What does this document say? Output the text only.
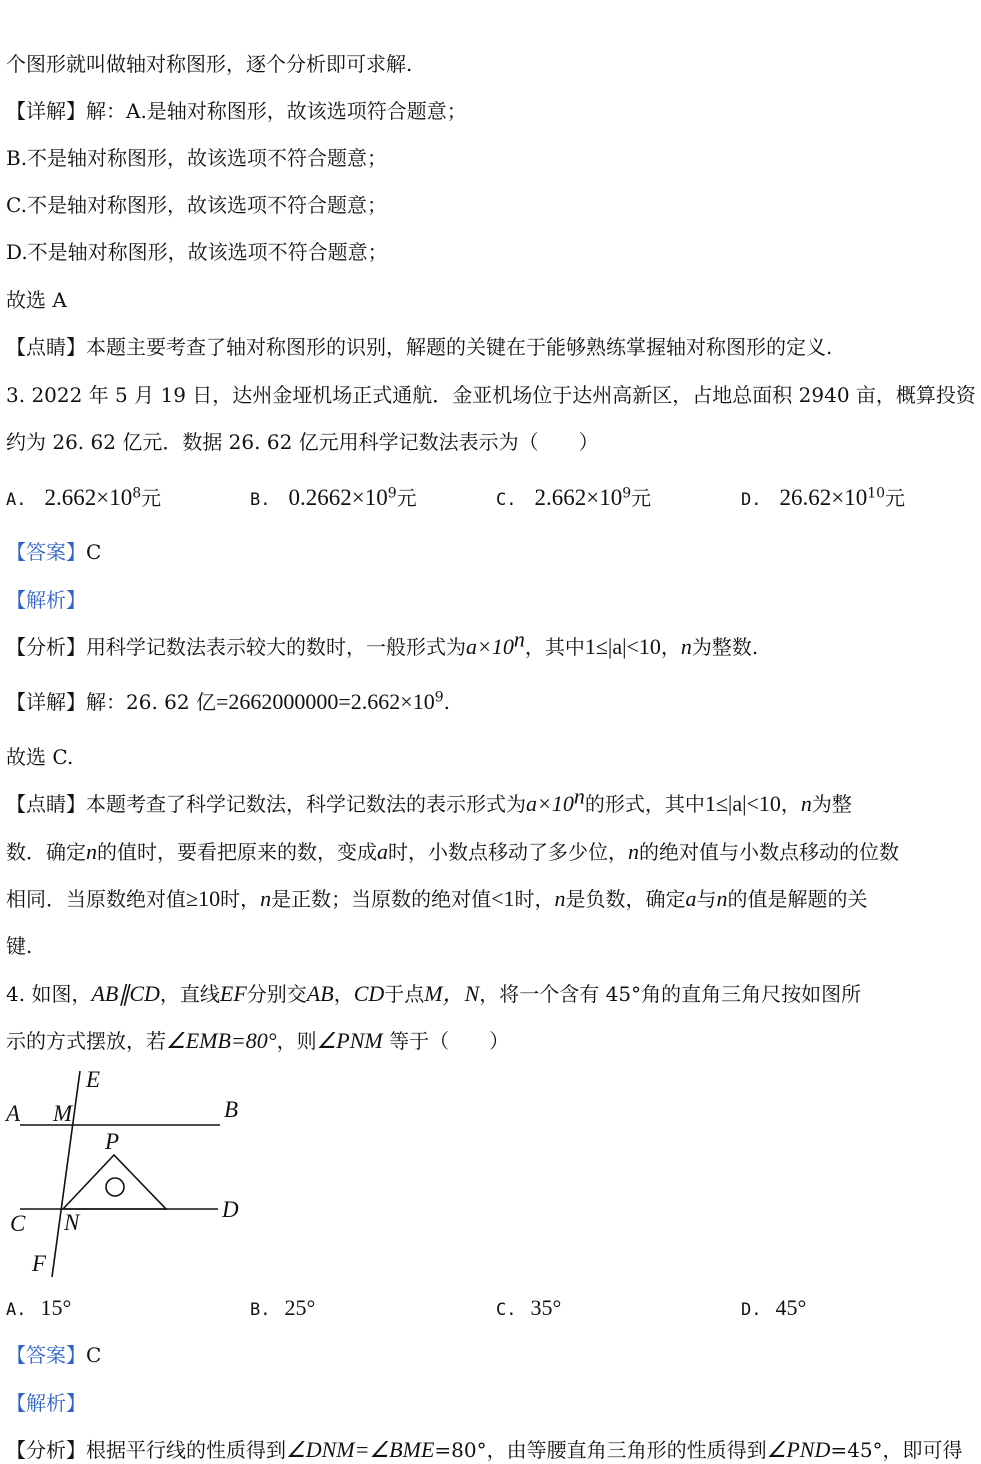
个图形就叫做轴对称图形，逐个分析即可求解.
【详解】解：A.是轴对称图形，故该选项符合题意；
B.不是轴对称图形，故该选项不符合题意；
C.不是轴对称图形，故该选项不符合题意；
D.不是轴对称图形，故该选项不符合题意；
故选 A
【点睛】本题主要考查了轴对称图形的识别，解题的关键在于能够熟练掌握轴对称图形的定义.
3. 2022 年 5 月 19 日，达州金垭机场正式通航．金亚机场位于达州高新区，占地总面积 2940 亩，概算投资
约为 26. 62 亿元．数据 26. 62 亿元用科学记数法表示为（　　）
A. $2.662\times 10^8$元	B. $0.2662\times 10^9$元	C. $2.662\times 10^9$元	D. $26.62\times 10^{10}$元
【答案】C
【解析】
【分析】用科学记数法表示较大的数时，一般形式为$a\times 10^n$，其中1≤|a|<10，n为整数.
【详解】解：26. 62 亿$=2662000000=2.662\times 10^9$.
故选 C.
【点睛】本题考查了科学记数法，科学记数法的表示形式为$a\times 10^n$的形式，其中1≤|a|<10，n为整
数．确定n的值时，要看把原来的数，变成a时，小数点移动了多少位，n的绝对值与小数点移动的位数
相同．当原数绝对值≥10时，n是正数；当原数的绝对值<1时，n是负数，确定a与n的值是解题的关
键.
4. 如图，AB∥CD，直线EF分别交AB，CD于点M，N，将一个含有 45°角的直角三角尺按如图所
示的方式摆放，若∠EMB=80°，则∠PNM 等于（　　）
E
A M	B
P
C N
D
F
A. 15°	B. 25°	C. 35°	D. 45°
【答案】C
【解析】
【分析】根据平行线的性质得到∠DNM=∠BME=80°，由等腰直角三角形的性质得到∠PND=45°，即可得
